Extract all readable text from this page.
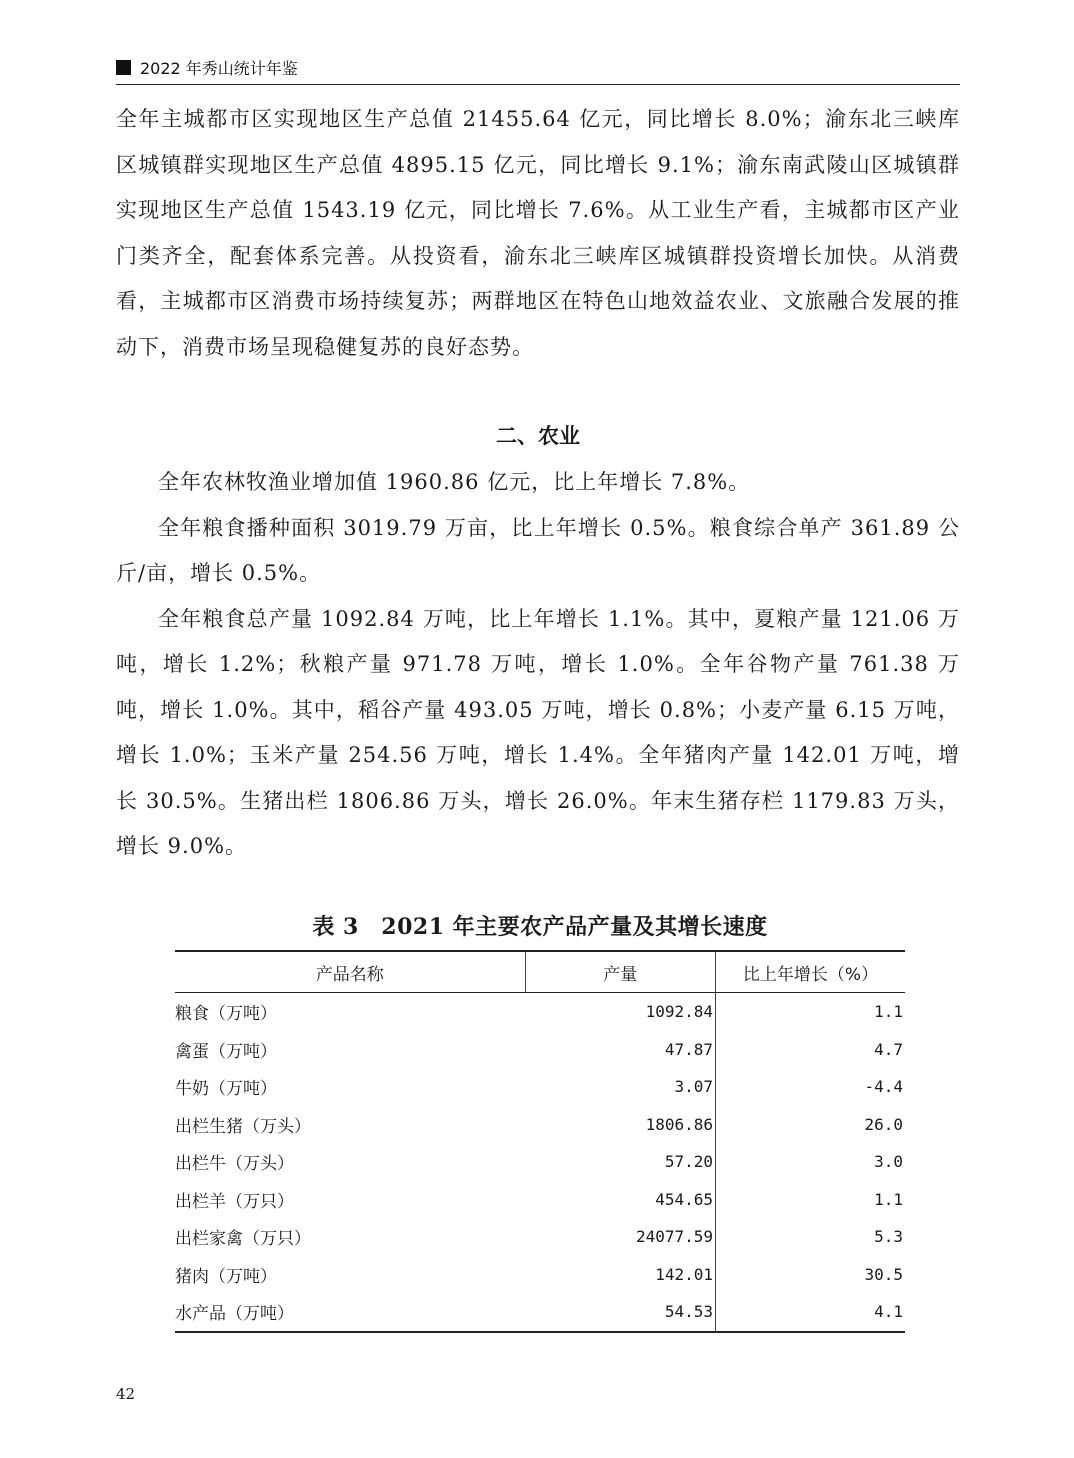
2022 年秀山统计年鉴

全年主城都市区实现地区生产总值 21455.64 亿元，同比增长 8.0%；渝东北三峡库区城镇群实现地区生产总值 4895.15 亿元，同比增长 9.1%；渝东南武陵山区城镇群实现地区生产总值 1543.19 亿元，同比增长 7.6%。从工业生产看，主城都市区产业门类齐全，配套体系完善。从投资看，渝东北三峡库区城镇群投资增长加快。从消费看，主城都市区消费市场持续复苏；两群地区在特色山地效益农业、文旅融合发展的推动下，消费市场呈现稳健复苏的良好态势。

二、农业

全年农林牧渔业增加值 1960.86 亿元，比上年增长 7.8%。

全年粮食播种面积 3019.79 万亩，比上年增长 0.5%。粮食综合单产 361.89 公斤/亩，增长 0.5%。

全年粮食总产量 1092.84 万吨，比上年增长 1.1%。其中，夏粮产量 121.06 万吨，增长 1.2%；秋粮产量 971.78 万吨，增长 1.0%。全年谷物产量 761.38 万吨，增长 1.0%。其中，稻谷产量 493.05 万吨，增长 0.8%；小麦产量 6.15 万吨，增长 1.0%；玉米产量 254.56 万吨，增长 1.4%。全年猪肉产量 142.01 万吨，增长 30.5%。生猪出栏 1806.86 万头，增长 26.0%。年末生猪存栏 1179.83 万头，增长 9.0%。

表 3　2021 年主要农产品产量及其增长速度
产品名称	产量	比上年增长（%）
粮食（万吨）	1092.84	1.1
禽蛋（万吨）	47.87	4.7
牛奶（万吨）	3.07	-4.4
出栏生猪（万头）	1806.86	26.0
出栏牛（万头）	57.20	3.0
出栏羊（万只）	454.65	1.1
出栏家禽（万只）	24077.59	5.3
猪肉（万吨）	142.01	30.5
水产品（万吨）	54.53	4.1
42
